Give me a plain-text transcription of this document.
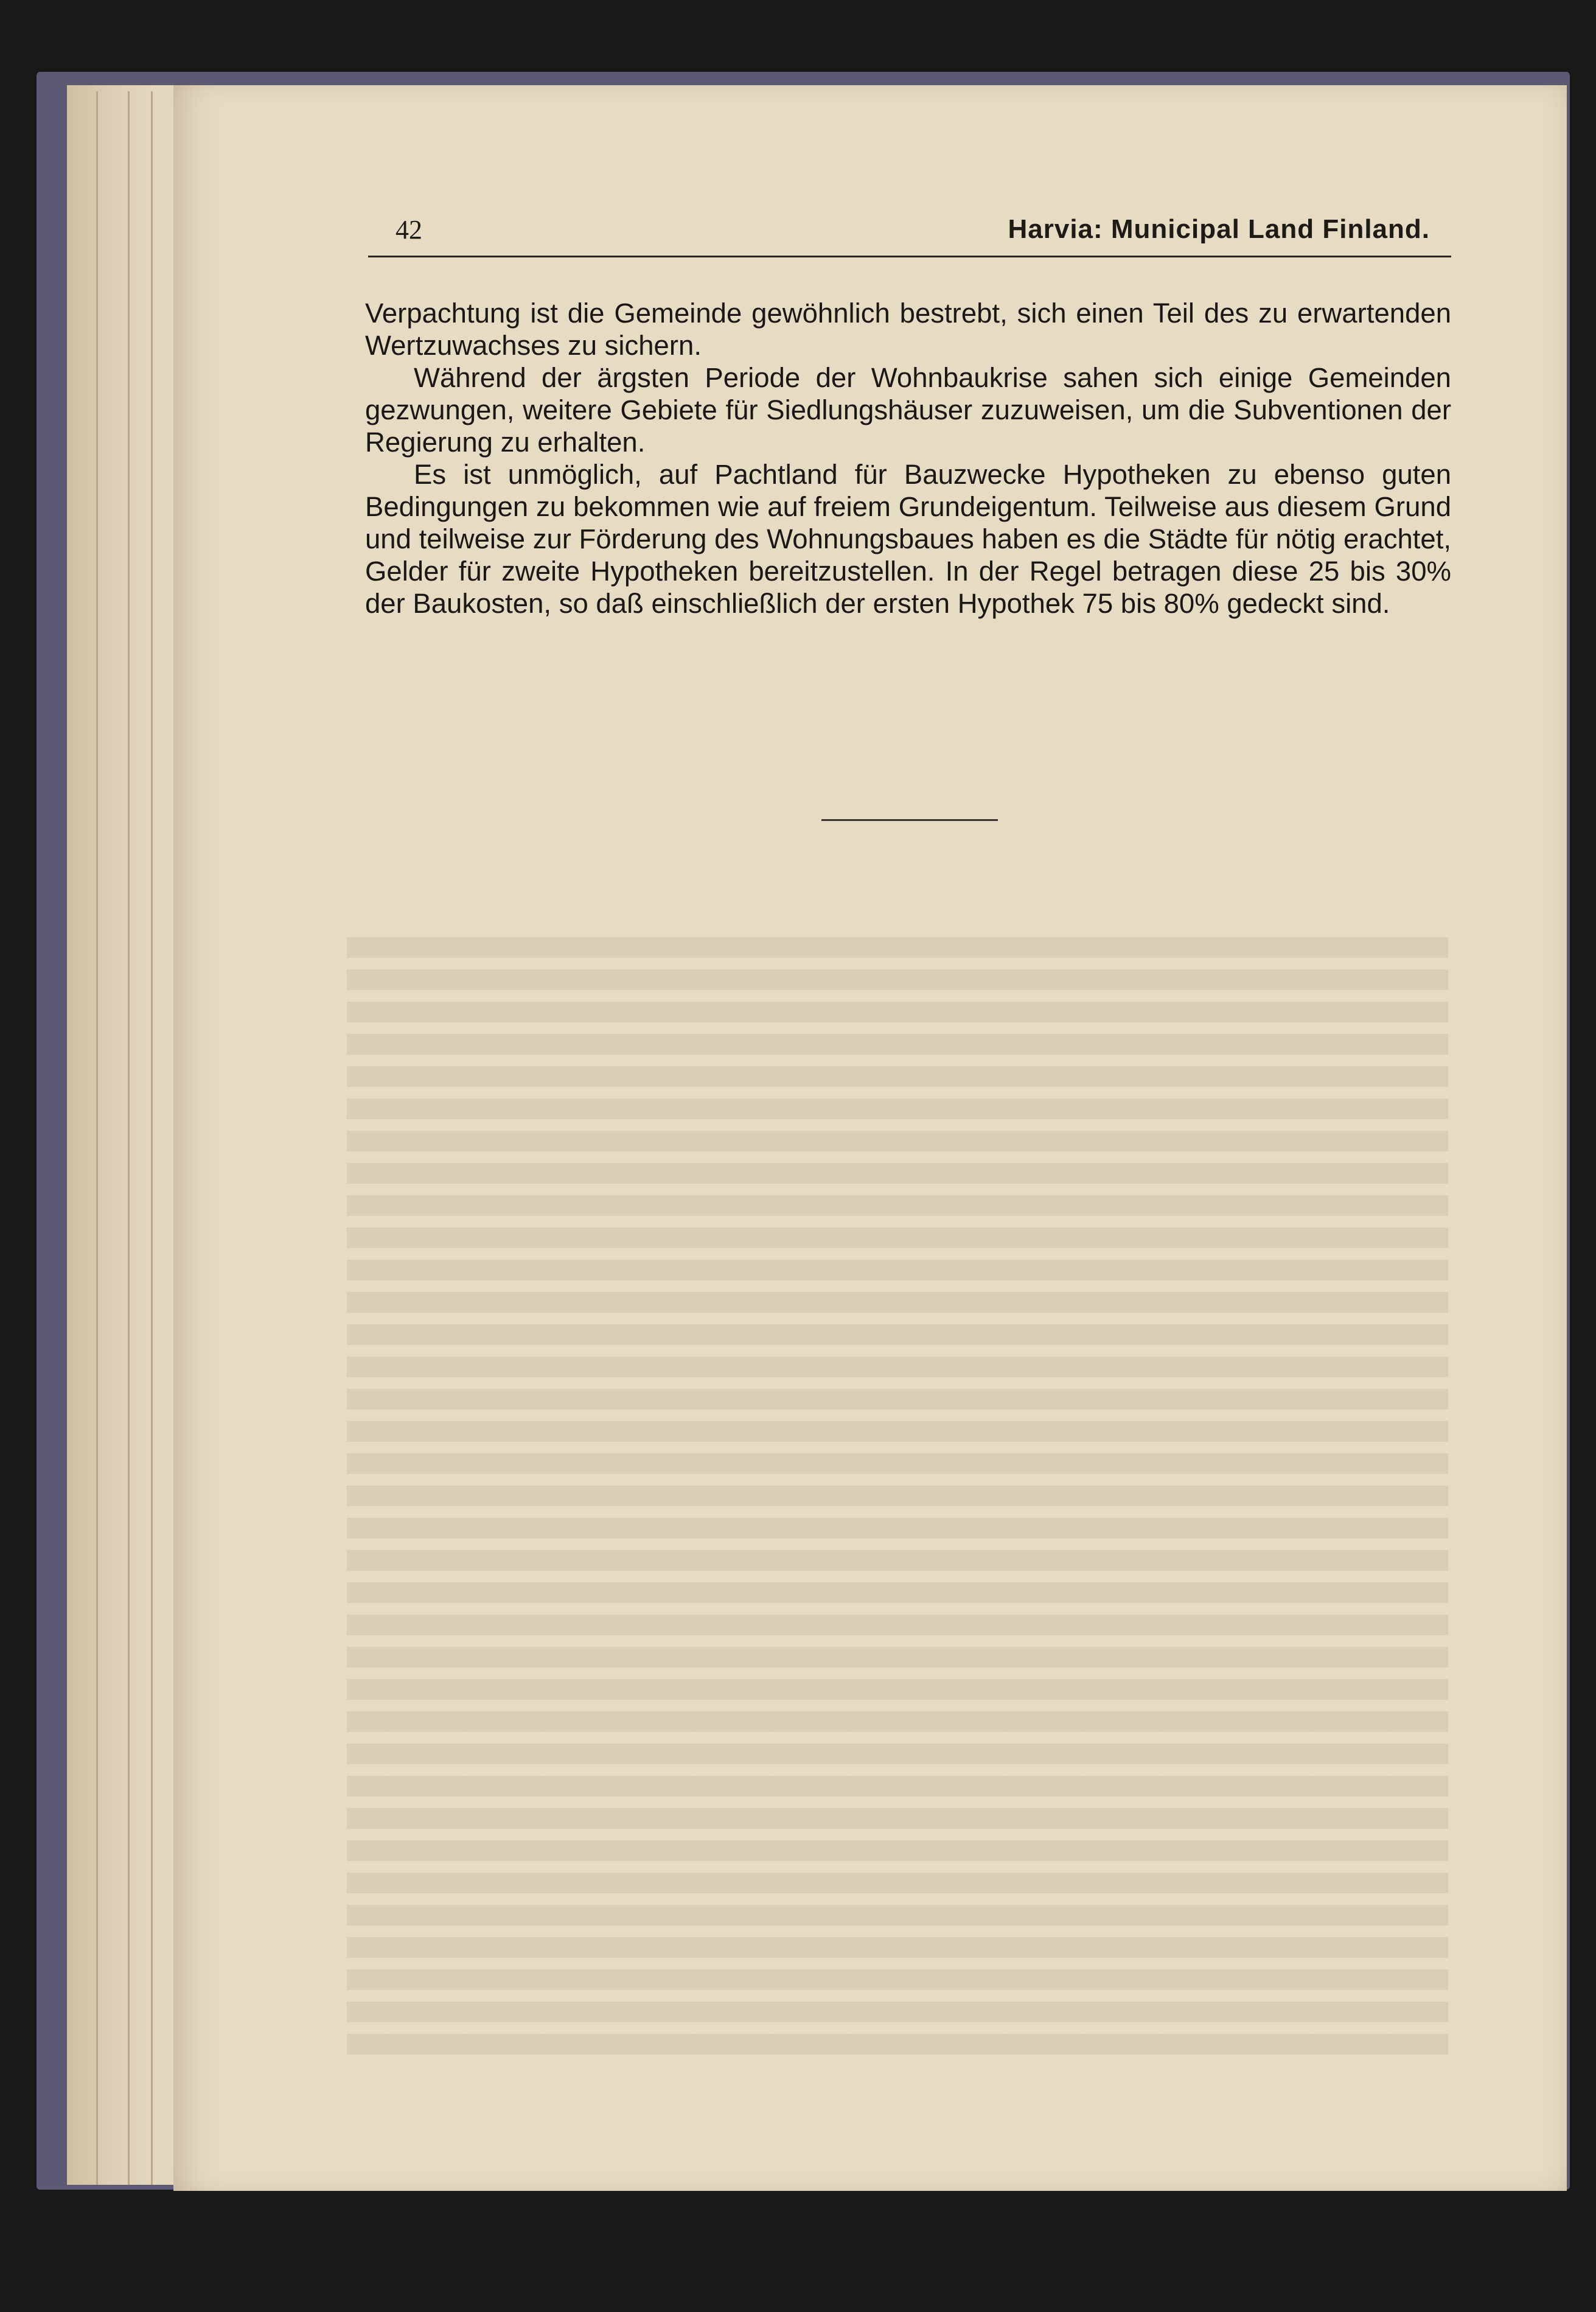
42	Harvia: Municipal Land Finland.

Verpachtung ist die Gemeinde gewöhnlich bestrebt, sich einen Teil des zu erwartenden Wertzuwachses zu sichern.

Während der ärgsten Periode der Wohnbaukrise sahen sich einige Gemeinden gezwungen, weitere Gebiete für Siedlungshäuser zuzuweisen, um die Subventionen der Regierung zu erhalten.

Es ist unmöglich, auf Pachtland für Bauzwecke Hypotheken zu ebenso guten Bedingungen zu bekommen wie auf freiem Grundeigentum. Teilweise aus diesem Grund und teilweise zur Förderung des Wohnungsbaues haben es die Städte für nötig erachtet, Gelder für zweite Hypotheken bereitzustellen. In der Regel betragen diese 25 bis 30% der Baukosten, so daß einschließlich der ersten Hypothek 75 bis 80% gedeckt sind.
